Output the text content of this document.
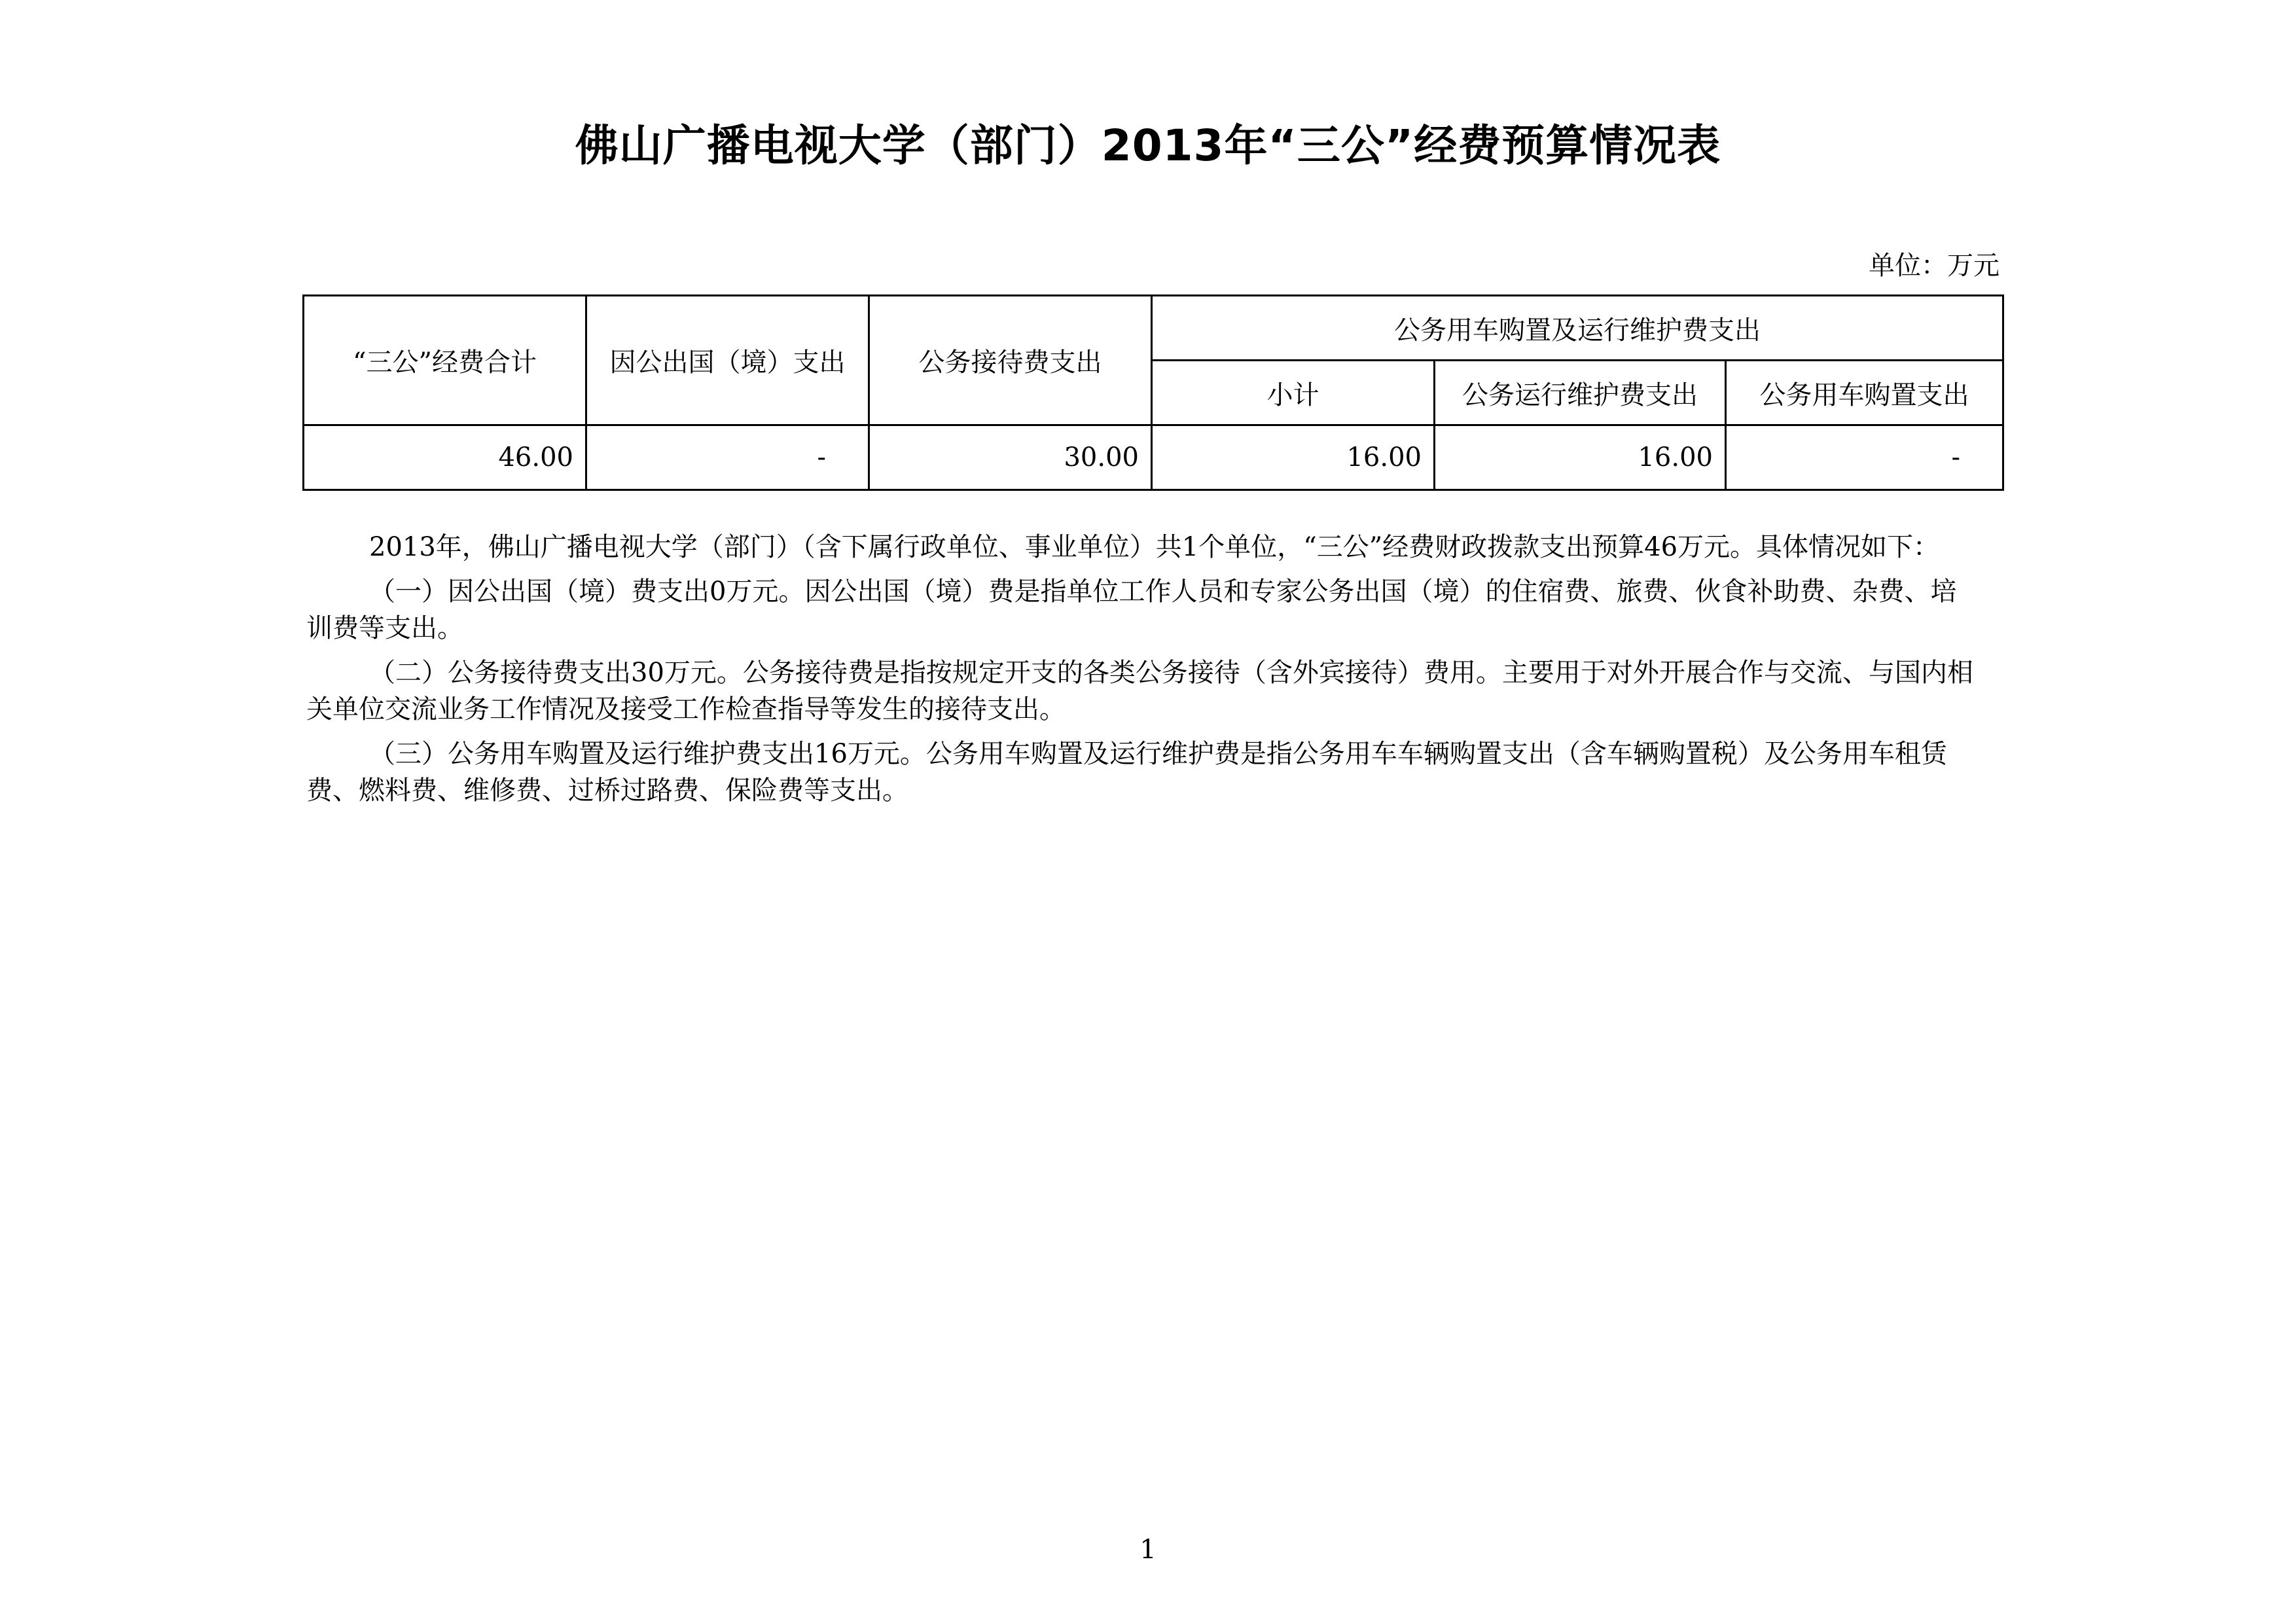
佛山广播电视大学（部门）2013年“三公”经费预算情况表
单位：万元
“三公”经费合计	因公出国（境）支出	公务接待费支出	公务用车购置及运行维护费支出		
			小计	公务运行维护费支出	公务用车购置支出
46.00	-	30.00	16.00	16.00	-

2013年，佛山广播电视大学（部门）（含下属行政单位、事业单位）共1个单位，“三公”经费财政拨款支出预算46万元。具体情况如下：

（一）因公出国（境）费支出0万元。因公出国（境）费是指单位工作人员和专家公务出国（境）的住宿费、旅费、伙食补助费、杂费、培训费等支出。

（二）公务接待费支出30万元。公务接待费是指按规定开支的各类公务接待（含外宾接待）费用。主要用于对外开展合作与交流、与国内相关单位交流业务工作情况及接受工作检查指导等发生的接待支出。

（三）公务用车购置及运行维护费支出16万元。公务用车购置及运行维护费是指公务用车车辆购置支出（含车辆购置税）及公务用车租赁费、燃料费、维修费、过桥过路费、保险费等支出。

1
